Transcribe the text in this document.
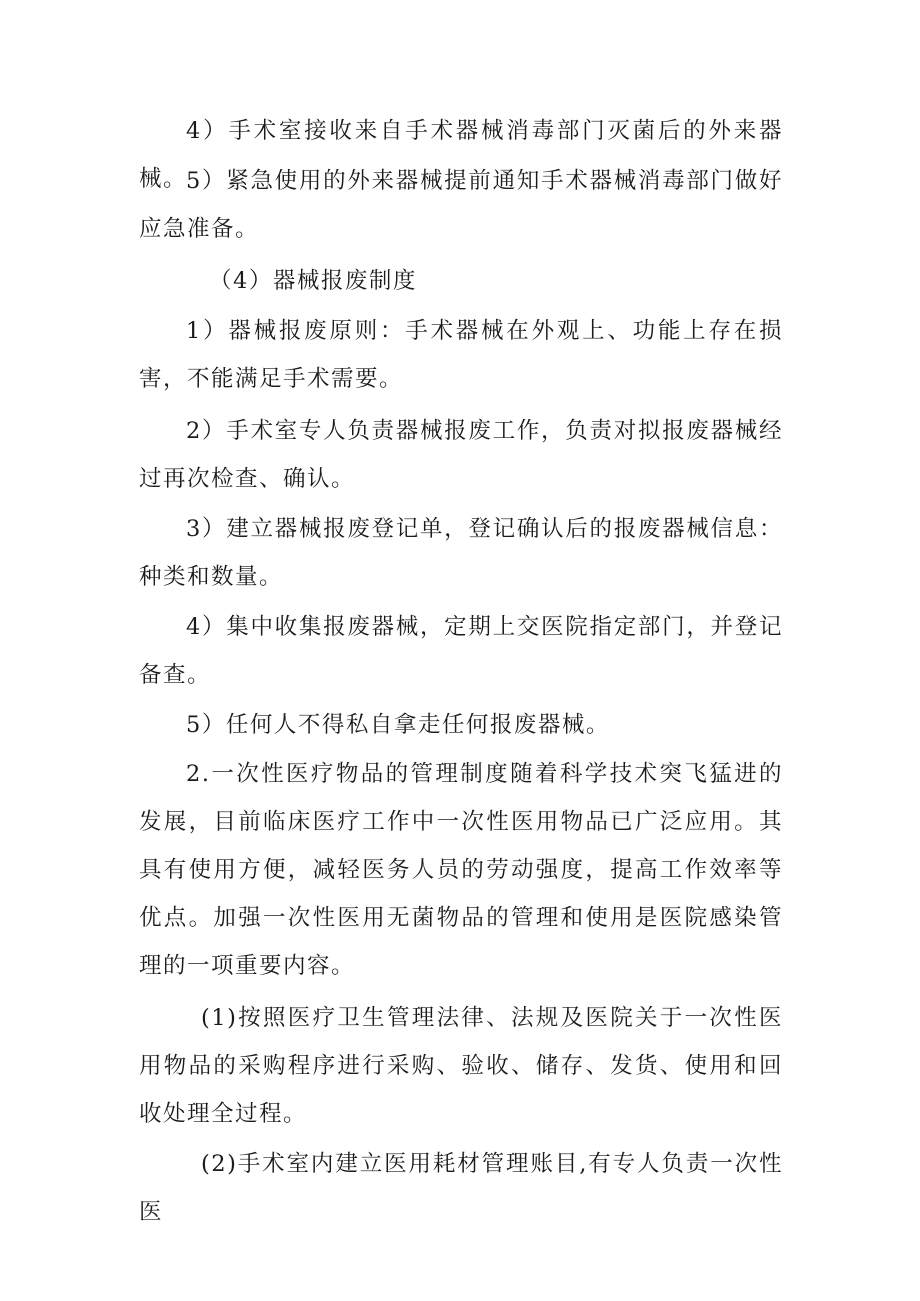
4）手术室接收来自手术器械消毒部门灭菌后的外来器械。

5）紧急使用的外来器械提前通知手术器械消毒部门做好应急准备。

（4）器械报废制度

1）器械报废原则：手术器械在外观上、功能上存在损害，不能满足手术需要。

2）手术室专人负责器械报废工作，负责对拟报废器械经过再次检查、确认。

3）建立器械报废登记单，登记确认后的报废器械信息：种类和数量。

4）集中收集报废器械，定期上交医院指定部门，并登记备查。

5）任何人不得私自拿走任何报废器械。

2.一次性医疗物品的管理制度随着科学技术突飞猛进的发展，目前临床医疗工作中一次性医用物品已广泛应用。其具有使用方便，减轻医务人员的劳动强度，提高工作效率等优点。加强一次性医用无菌物品的管理和使用是医院感染管理的一项重要内容。

(1)按照医疗卫生管理法律、法规及医院关于一次性医用物品的采购程序进行采购、验收、储存、发货、使用和回收处理全过程。

(2)手术室内建立医用耗材管理账目,有专人负责一次性医
